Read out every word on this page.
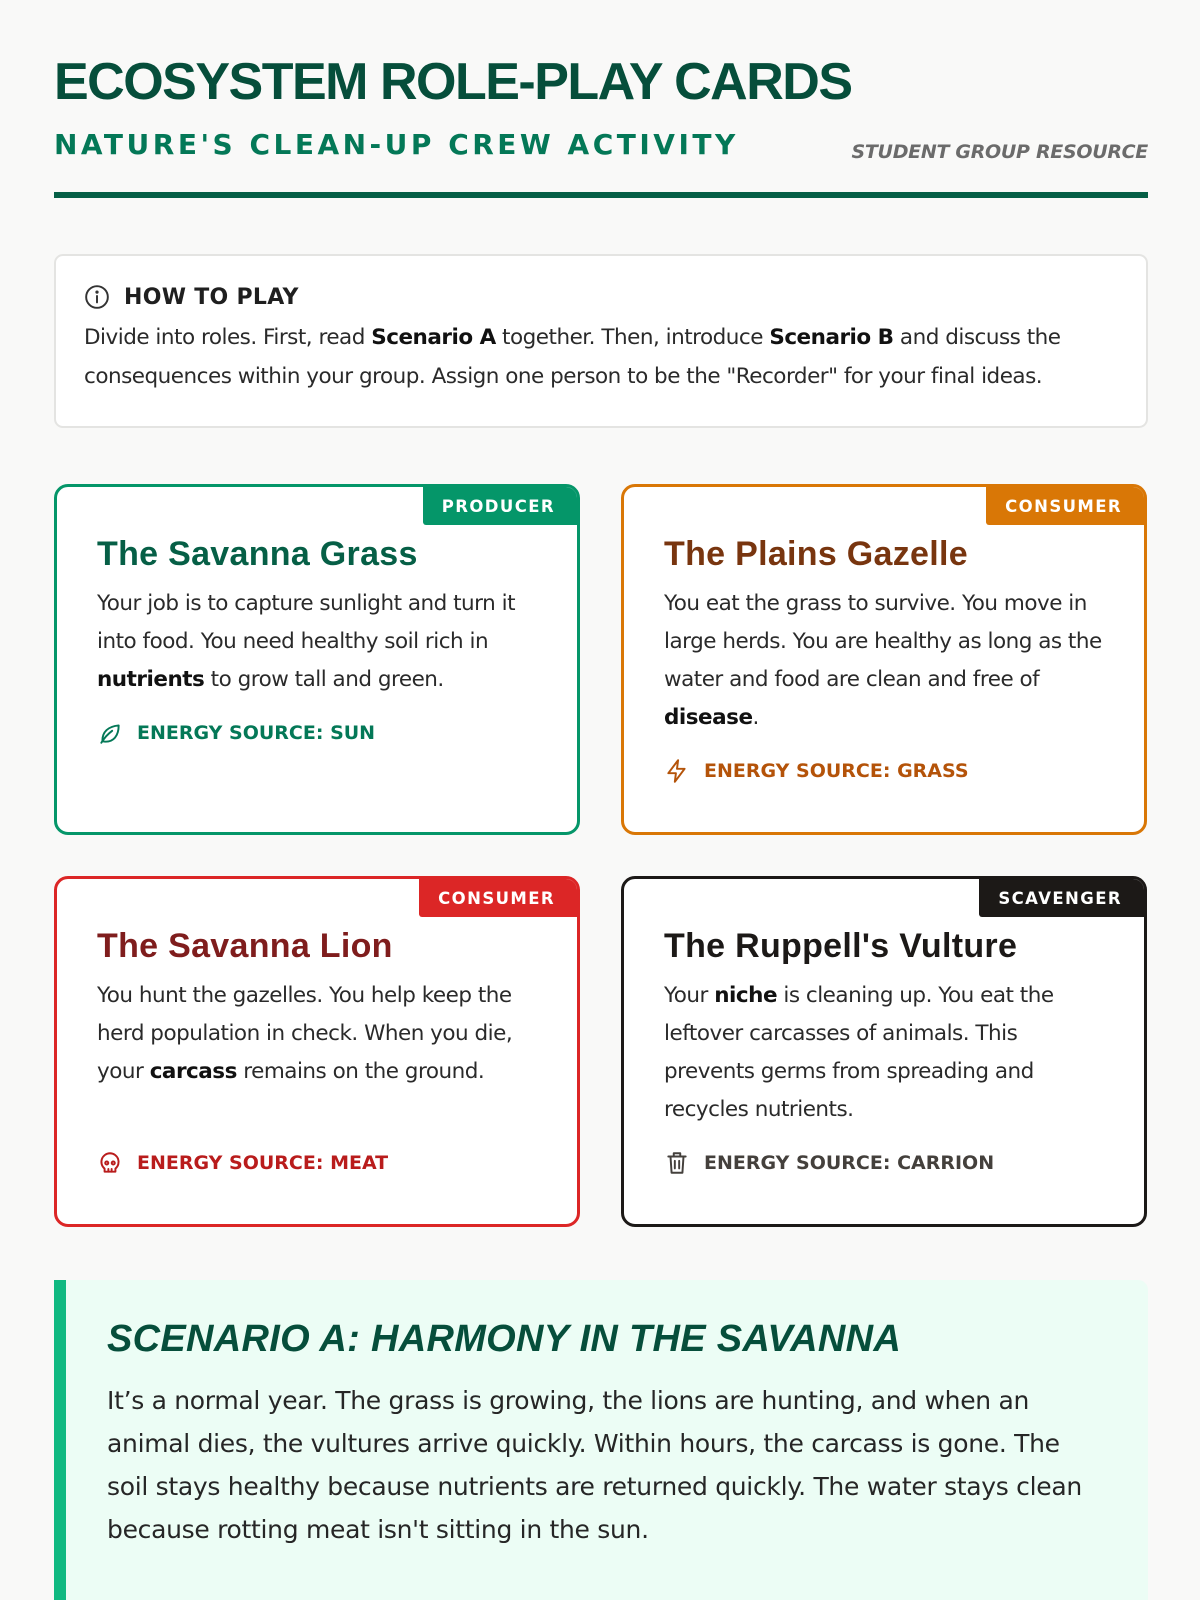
ECOSYSTEM ROLE-PLAY CARDS
NATURE'S CLEAN-UP CREW ACTIVITY	STUDENT GROUP RESOURCE
HOW TO PLAY

Divide into roles. First, read Scenario A together. Then, introduce Scenario B and discuss the consequences within your group. Assign one person to be the "Recorder" for your final ideas.

PRODUCER
The Savanna Grass

Your job is to capture sunlight and turn it into food. You need healthy soil rich in nutrients to grow tall and green.

ENERGY SOURCE: SUN
CONSUMER
The Plains Gazelle

You eat the grass to survive. You move in large herds. You are healthy as long as the water and food are clean and free of disease.

ENERGY SOURCE: GRASS
CONSUMER
The Savanna Lion

You hunt the gazelles. You help keep the herd population in check. When you die, your carcass remains on the ground.

ENERGY SOURCE: MEAT
SCAVENGER
The Ruppell's Vulture

Your niche is cleaning up. You eat the leftover carcasses of animals. This prevents germs from spreading and recycles nutrients.

ENERGY SOURCE: CARRION
SCENARIO A: HARMONY IN THE SAVANNA

It’s a normal year. The grass is growing, the lions are hunting, and when an animal dies, the vultures arrive quickly. Within hours, the carcass is gone. The soil stays healthy because nutrients are returned quickly. The water stays clean because rotting meat isn't sitting in the sun.
